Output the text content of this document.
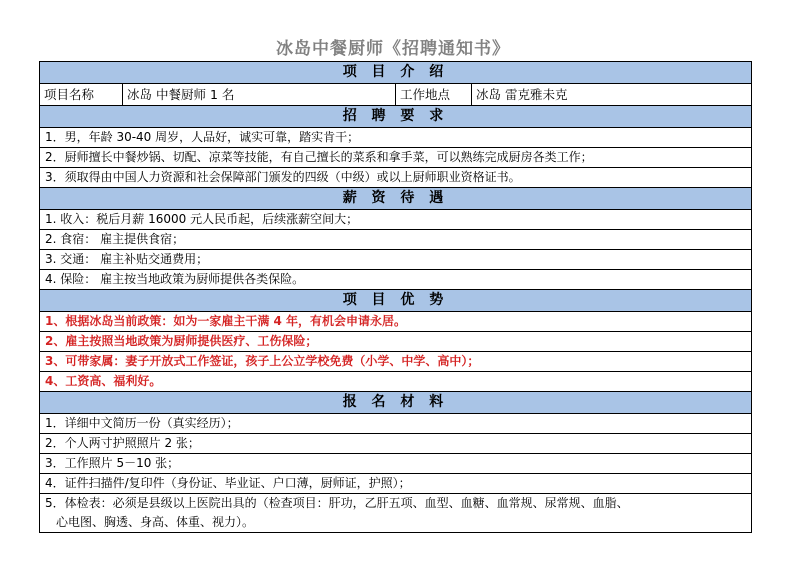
冰岛中餐厨师《招聘通知书》
项 目 介 绍
项目名称	冰岛 中餐厨师 1 名	工作地点	冰岛 雷克雅未克
招 聘 要 求
1．男，年龄 30-40 周岁，人品好，诚实可靠，踏实肯干；
2．厨师擅长中餐炒锅、切配、凉菜等技能，有自己擅长的菜系和拿手菜，可以熟练完成厨房各类工作；
3．须取得由中国人力资源和社会保障部门颁发的四级（中级）或以上厨师职业资格证书。
薪 资 待 遇
1. 收入：税后月薪 16000 元人民币起，后续涨薪空间大；
2. 食宿： 雇主提供食宿；
3. 交通： 雇主补贴交通费用；
4. 保险： 雇主按当地政策为厨师提供各类保险。
项 目 优 势
1、根据冰岛当前政策：如为一家雇主干满 4 年，有机会申请永居。
2、雇主按照当地政策为厨师提供医疗、工伤保险；
3、可带家属：妻子开放式工作签证，孩子上公立学校免费（小学、中学、高中）；
4、工资高、福利好。
报 名 材 料
1．详细中文简历一份（真实经历）；
2．个人两寸护照照片 2 张；
3．工作照片 5－10 张；
4．证件扫描件/复印件（身份证、毕业证、户口薄，厨师证，护照）；
5．体检表：必须是县级以上医院出具的（检查项目：肝功，乙肝五项、血型、血糖、血常规、尿常规、血脂、
心电图、胸透、身高、体重、视力）。
